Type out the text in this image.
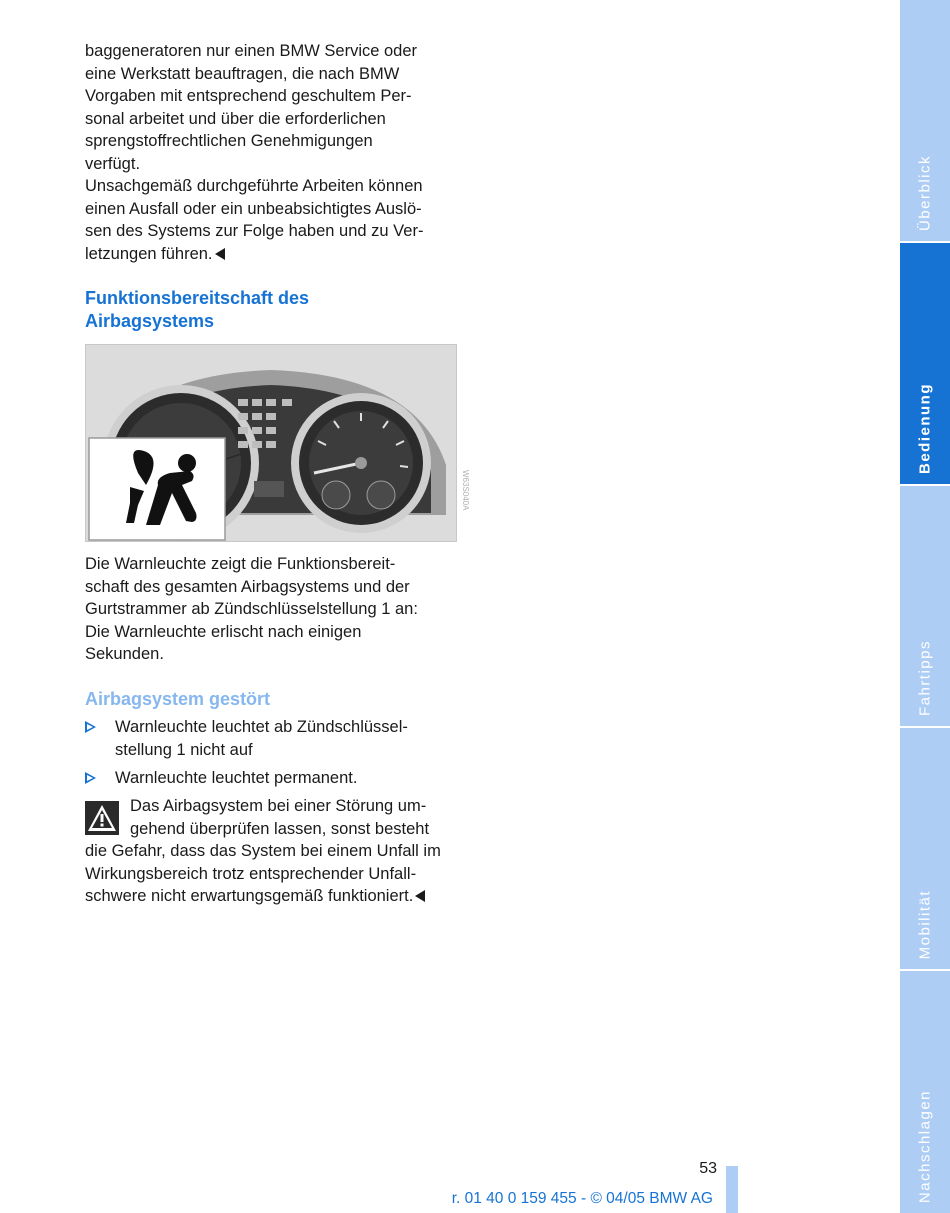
baggeneratoren nur einen BMW Service oder
eine Werkstatt beauftragen, die nach BMW
Vorgaben mit entsprechend geschultem Per-
sonal arbeitet und über die erforderlichen
sprengstoffrechtlichen Genehmigungen
verfügt.
Unsachgemäß durchgeführte Arbeiten können
einen Ausfall oder ein unbeabsichtigtes Auslö-
sen des Systems zur Folge haben und zu Ver-
letzungen führen.

Funktionsbereitschaft des
Airbagsystems
W63S040A

Die Warnleuchte zeigt die Funktionsbereit-
schaft des gesamten Airbagsystems und der
Gurtstrammer ab Zündschlüsselstellung 1 an:
Die Warnleuchte erlischt nach einigen
Sekunden.

Airbagsystem gestört
Warnleuchte leuchtet ab Zündschlüssel-
stellung 1 nicht auf
Warnleuchte leuchtet permanent.

Das Airbagsystem bei einer Störung um-
gehend überprüfen lassen, sonst besteht
die Gefahr, dass das System bei einem Unfall im
Wirkungsbereich trotz entsprechender Unfall-
schwere nicht erwartungsgemäß funktioniert.

Überblick
Bedienung
Fahrtipps
Mobilität
Nachschlagen
53
r. 01 40 0 159 455 - © 04/05 BMW AG
